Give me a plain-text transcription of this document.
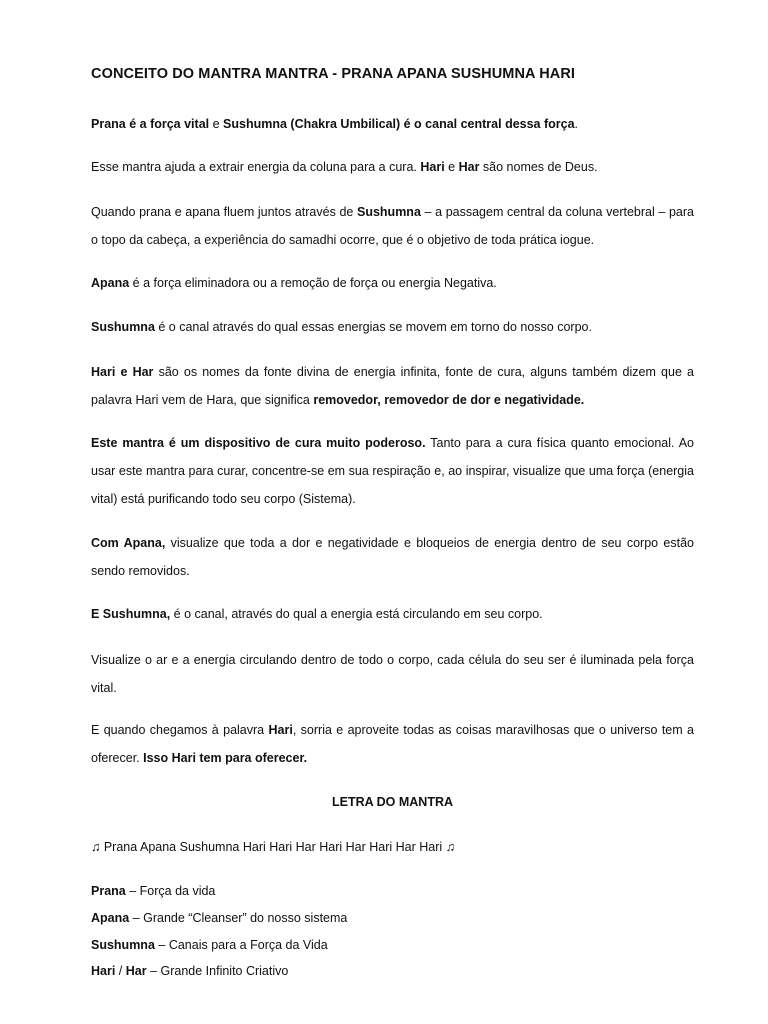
CONCEITO DO MANTRA MANTRA - PRANA APANA SUSHUMNA HARI

Prana é a força vital e Sushumna (Chakra Umbilical) é o canal central dessa força.

Esse mantra ajuda a extrair energia da coluna para a cura. Hari e Har são nomes de Deus.

Quando prana e apana fluem juntos através de Sushumna – a passagem central da coluna vertebral – para o topo da cabeça, a experiência do samadhi ocorre, que é o objetivo de toda prática iogue.

Apana é a força eliminadora ou a remoção de força ou energia Negativa.

Sushumna é o canal através do qual essas energias se movem em torno do nosso corpo.

Hari e Har são os nomes da fonte divina de energia infinita, fonte de cura, alguns também dizem que a palavra Hari vem de Hara, que significa removedor, removedor de dor e negatividade.

Este mantra é um dispositivo de cura muito poderoso. Tanto para a cura física quanto emocional. Ao usar este mantra para curar, concentre-se em sua respiração e, ao inspirar, visualize que uma força (energia vital) está purificando todo seu corpo (Sistema).

Com Apana, visualize que toda a dor e negatividade e bloqueios de energia dentro de seu corpo estão sendo removidos.

E Sushumna, é o canal, através do qual a energia está circulando em seu corpo.

Visualize o ar e a energia circulando dentro de todo o corpo, cada célula do seu ser é iluminada pela força vital.

E quando chegamos à palavra Hari, sorria e aproveite todas as coisas maravilhosas que o universo tem a oferecer. Isso Hari tem para oferecer.

LETRA DO MANTRA

♫ Prana Apana Sushumna Hari Hari Har Hari Har Hari Har Hari ♫

Prana – Força da vida

Apana – Grande “Cleanser” do nosso sistema

Sushumna – Canais para a Força da Vida

Hari / Har – Grande Infinito Criativo
